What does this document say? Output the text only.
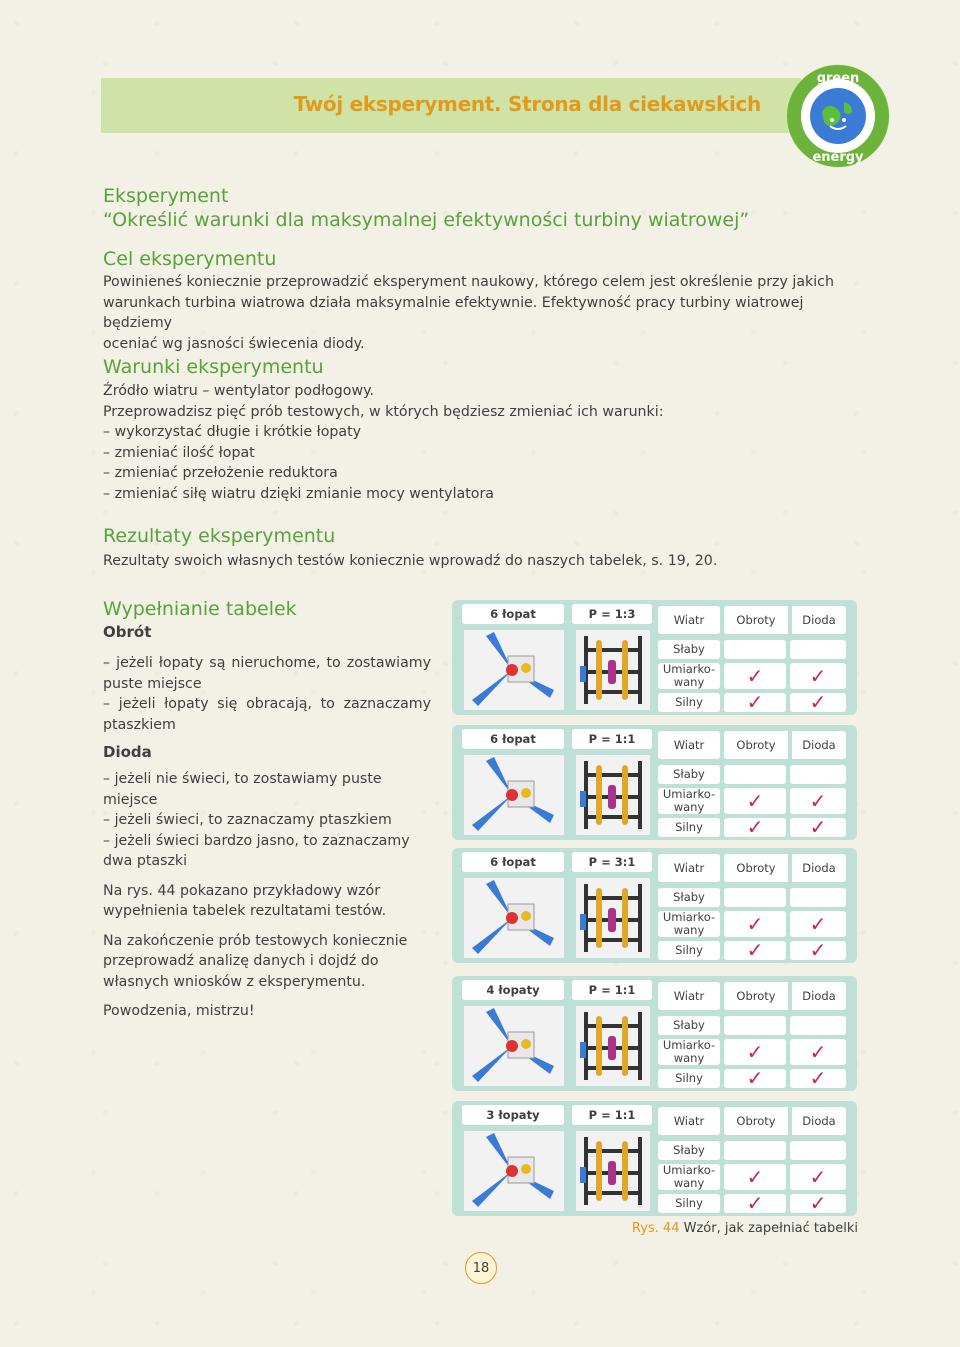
Twój eksperyment. Strona dla ciekawskich
green
energy
Eksperyment
“Określić warunki dla maksymalnej efektywności turbiny wiatrowej”
Cel eksperymentu
Powinieneś koniecznie przeprowadzić eksperyment naukowy, którego celem jest określenie przy jakich
warunkach turbina wiatrowa działa maksymalnie efektywnie. Efektywność pracy turbiny wiatrowej będziemy
oceniać wg jasności świecenia diody.
Warunki eksperymentu
Źródło wiatru – wentylator podłogowy.
Przeprowadzisz pięć prób testowych, w których będziesz zmieniać ich warunki:
– wykorzystać długie i krótkie łopaty
– zmieniać ilość łopat
– zmieniać przełożenie reduktora
– zmieniać siłę wiatru dzięki zmianie mocy wentylatora
Rezultaty eksperymentu
Rezultaty swoich własnych testów koniecznie wprowadź do naszych tabelek, s. 19, 20.
Wypełnianie tabelek
Obrót
– jeżeli łopaty są nieruchome, to zostawiamy puste miejsce
– jeżeli łopaty się obracają, to zaznaczamy ptaszkiem
Dioda
– jeżeli nie świeci, to zostawiamy puste miejsce
– jeżeli świeci, to zaznaczamy ptaszkiem
– jeżeli świeci bardzo jasno, to zaznaczamy dwa ptaszki
Na rys. 44 pokazano przykładowy wzór wypełnienia tabelek rezultatami testów.
Na zakończenie prób testowych koniecznie przeprowadź analizę danych i dojdź do własnych wniosków z eksperymentu.
Powodzenia, mistrzu!
6 łopat	P = 1:3	Wiatr	Obroty	Dioda
Słaby
Umiarko-
wany	✓	✓
Silny	✓	✓
6 łopat	P = 1:1	Wiatr	Obroty	Dioda
Słaby
Umiarko-
wany	✓	✓
Silny	✓	✓
6 łopat	P = 3:1	Wiatr	Obroty	Dioda
Słaby
Umiarko-
wany	✓	✓
Silny	✓	✓
4 łopaty	P = 1:1	Wiatr	Obroty	Dioda
Słaby
Umiarko-
wany	✓	✓
Silny	✓	✓
3 łopaty	P = 1:1	Wiatr	Obroty	Dioda
Słaby
Umiarko-
wany	✓	✓
Silny	✓	✓
Rys. 44 Wzór, jak zapełniać tabelki
18
